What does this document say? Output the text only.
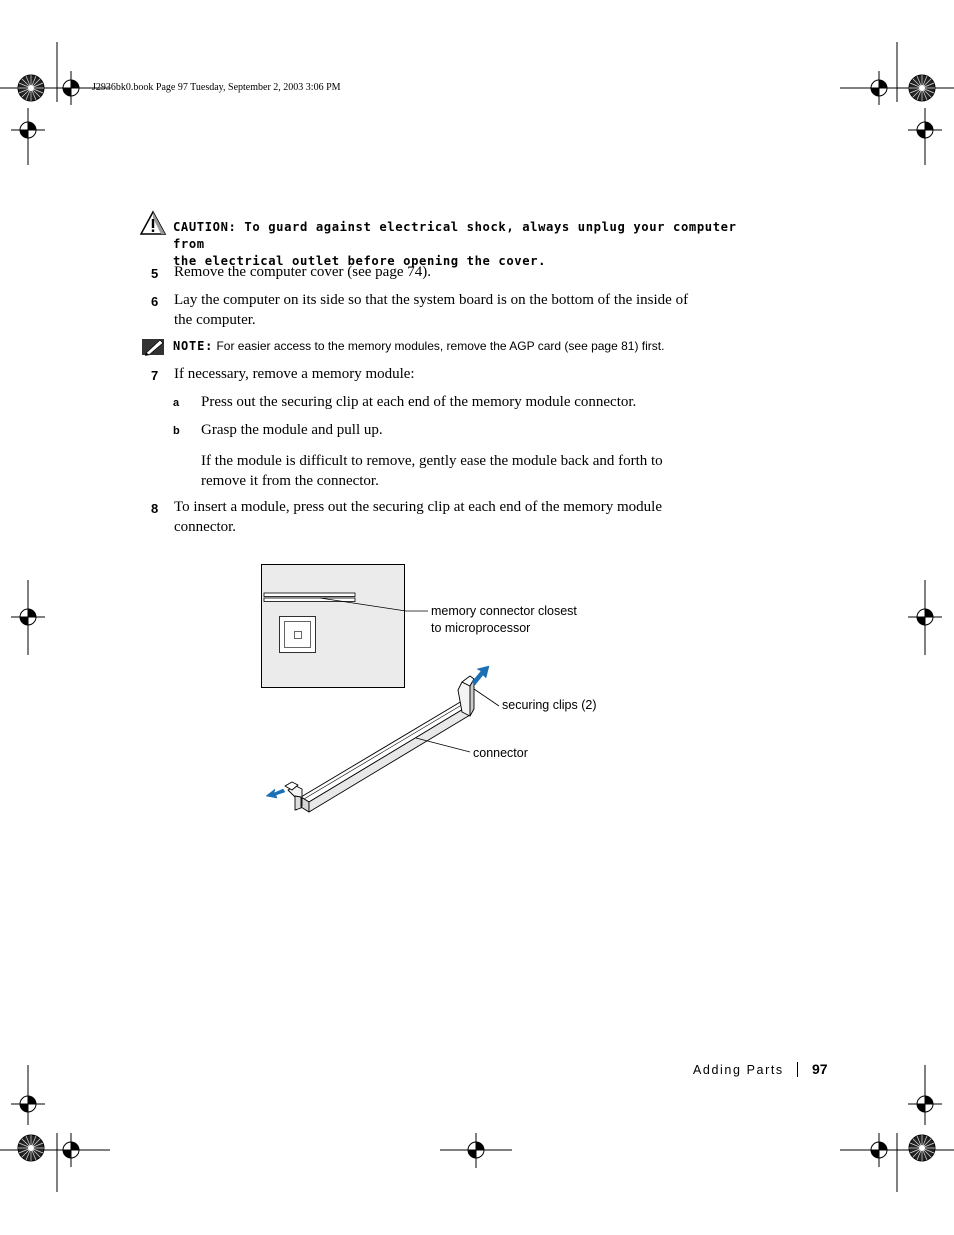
J2936bk0.book Page 97 Tuesday, September 2, 2003 3:06 PM
CAUTION: To guard against electrical shock, always unplug your computer from
the electrical outlet before opening the cover.
5 Remove the computer cover (see page 74).
6 Lay the computer on its side so that the system board is on the bottom of the inside of
the computer.
NOTE: For easier access to the memory modules, remove the AGP card (see page 81) first.
7 If necessary, remove a memory module:
a Press out the securing clip at each end of the memory module connector.
b Grasp the module and pull up.
If the module is difficult to remove, gently ease the module back and forth to
remove it from the connector.
8 To insert a module, press out the securing clip at each end of the memory module
connector.
memory connector closest
to microprocessor
securing clips (2)
connector
Adding Parts 97
